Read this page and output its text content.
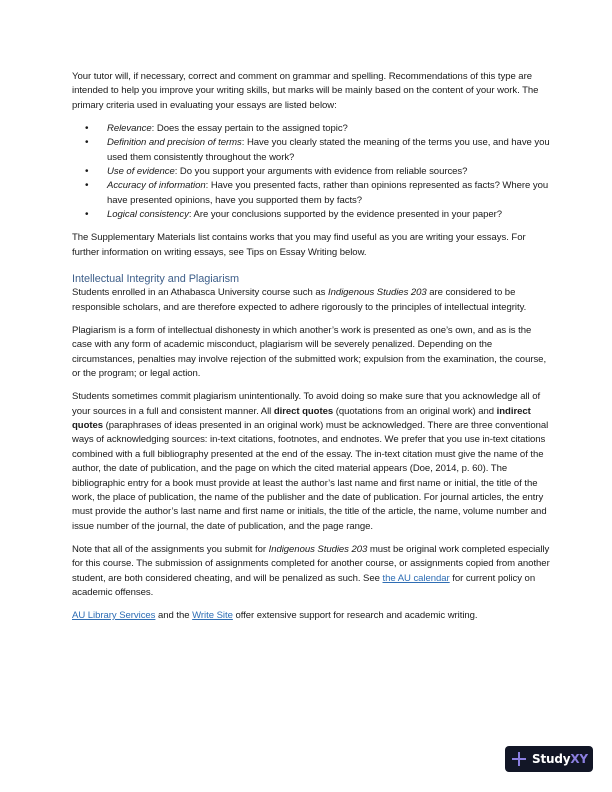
Your tutor will, if necessary, correct and comment on grammar and spelling. Recommendations of this type are intended to help you improve your writing skills, but marks will be mainly based on the content of your work. The primary criteria used in evaluating your essays are listed below:

• Relevance: Does the essay pertain to the assigned topic?
• Definition and precision of terms: Have you clearly stated the meaning of the terms you use, and have you used them consistently throughout the work?
• Use of evidence: Do you support your arguments with evidence from reliable sources?
• Accuracy of information: Have you presented facts, rather than opinions represented as facts? Where you have presented opinions, have you supported them by facts?
• Logical consistency: Are your conclusions supported by the evidence presented in your paper?

The Supplementary Materials list contains works that you may find useful as you are writing your essays. For further information on writing essays, see Tips on Essay Writing below.

Intellectual Integrity and Plagiarism

Students enrolled in an Athabasca University course such as Indigenous Studies 203 are considered to be responsible scholars, and are therefore expected to adhere rigorously to the principles of intellectual integrity.

Plagiarism is a form of intellectual dishonesty in which another’s work is presented as one’s own, and as is the case with any form of academic misconduct, plagiarism will be severely penalized. Depending on the circumstances, penalties may involve rejection of the submitted work; expulsion from the examination, the course, or the program; or legal action.

Students sometimes commit plagiarism unintentionally. To avoid doing so make sure that you acknowledge all of your sources in a full and consistent manner. All direct quotes (quotations from an original work) and indirect quotes (paraphrases of ideas presented in an original work) must be acknowledged. There are three conventional ways of acknowledging sources: in-text citations, footnotes, and endnotes. We prefer that you use in-text citations combined with a full bibliography presented at the end of the essay. The in-text citation must give the name of the author, the date of publication, and the page on which the cited material appears (Doe, 2014, p. 60). The bibliographic entry for a book must provide at least the author’s last name and first name or initial, the title of the work, the place of publication, the name of the publisher and the date of publication. For journal articles, the entry must provide the author’s last name and first name or initials, the title of the article, the name, volume number and issue number of the journal, the date of publication, and the page range.

Note that all of the assignments you submit for Indigenous Studies 203 must be original work completed especially for this course. The submission of assignments completed for another course, or assignments copied from another student, are both considered cheating, and will be penalized as such. See the AU calendar for current policy on academic offenses.

AU Library Services and the Write Site offer extensive support for research and academic writing.

StudyXY
